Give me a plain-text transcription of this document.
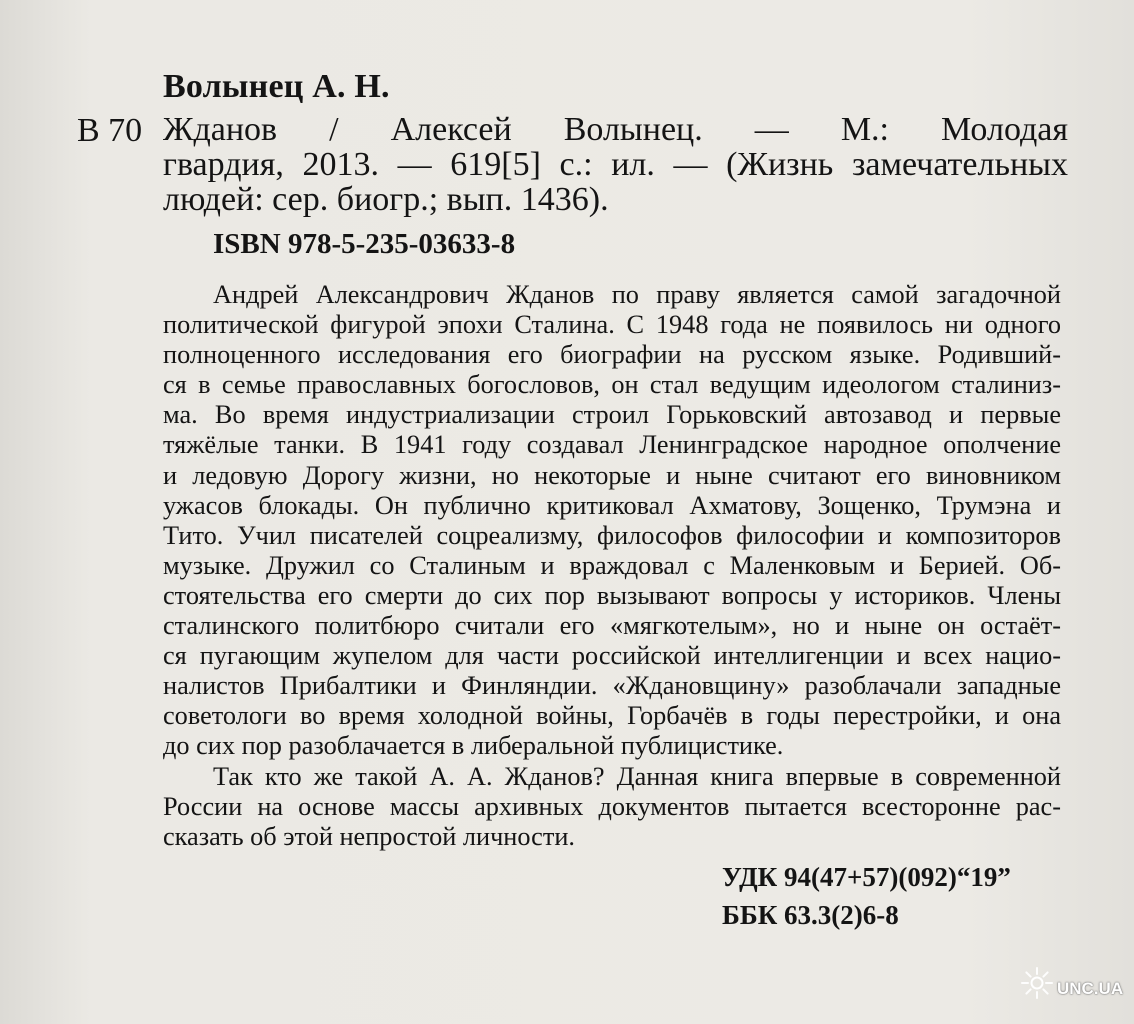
Волынец А. Н.
В 70 Жданов / Алексей Волынец. — М.: Молодая
гвардия, 2013. — 619[5] с.: ил. — (Жизнь замечательных
людей: сер. биогр.; вып. 1436).
ISBN 978-5-235-03633-8
Андрей Александрович Жданов по праву является самой загадочной
политической фигурой эпохи Сталина. С 1948 года не появилось ни одного
полноценного исследования его биографии на русском языке. Родивший-
ся в семье православных богословов, он стал ведущим идеологом сталиниз-
ма. Во время индустриализации строил Горьковский автозавод и первые
тяжёлые танки. В 1941 году создавал Ленинградское народное ополчение
и ледовую Дорогу жизни, но некоторые и ныне считают его виновником
ужасов блокады. Он публично критиковал Ахматову, Зощенко, Трумэна и
Тито. Учил писателей соцреализму, философов философии и композиторов
музыке. Дружил со Сталиным и враждовал с Маленковым и Берией. Об-
стоятельства его смерти до сих пор вызывают вопросы у историков. Члены
сталинского политбюро считали его «мягкотелым», но и ныне он остаёт-
ся пугающим жупелом для части российской интеллигенции и всех нацио-
налистов Прибалтики и Финляндии. «Ждановщину» разоблачали западные
советологи во время холодной войны, Горбачёв в годы перестройки, и она
до сих пор разоблачается в либеральной публицистике.
Так кто же такой А. А. Жданов? Данная книга впервые в современной
России на основе массы архивных документов пытается всесторонне рас-
сказать об этой непростой личности.
УДК 94(47+57)(092)“19”
ББК 63.3(2)6-8
UNC.UA
